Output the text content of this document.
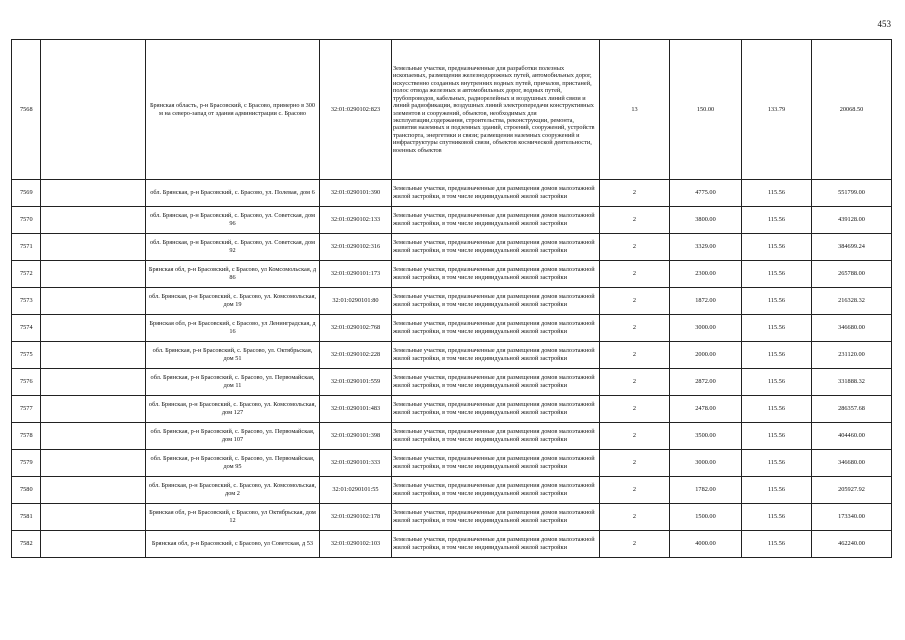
453
7568		Брянская область, р-н Брасовский, с Брасово, примерно в 300 м на северо-запад от здания администрации с. Брасово	32:01:0290102:823	Земельные участки, предназначенные для разработки полезных ископаемых, размещения железнодорожных путей, автомобильных дорог, искусственно созданных внутренних водных путей, причалов, пристаней, полос отвода железных и автомобильных дорог, водных путей, трубопроводов, кабельных, радиорелейных и воздушных линий связи и линий радиофикации, воздушных линий электропередачи конструктивных элементов и сооружений, объектов, необходимых для эксплуатации,содержания, строительства, реконструкции, ремонта, развития наземных и подземных зданий, строений, сооружений, устройств транспорта, энергетики и связи; размещения наземных сооружений и инфраструктуры спутниковой связи, объектов космической деятельности, военных объектов	13	150.00	133.79	20068.50
7569		обл. Брянская, р-н Брасовский, с. Брасово, ул. Полевая, дом 6	32:01:0290101:390	Земельные участки, предназначенные для размещения домов малоэтажной жилой застройки, в том числе индивидуальной жилой застройки	2	4775.00	115.56	551799.00
7570		обл. Брянская, р-н Брасовский, с. Брасово, ул. Советская, дом 96	32:01:0290102:133	Земельные участки, предназначенные для размещения домов малоэтажной жилой застройки, в том числе индивидуальной жилой застройки	2	3800.00	115.56	439128.00
7571		обл. Брянская, р-н Брасовский, с. Брасово, ул. Советская, дом 92	32:01:0290102:316	Земельные участки, предназначенные для размещения домов малоэтажной жилой застройки, в том числе индивидуальной жилой застройки	2	3329.00	115.56	384699.24
7572		Брянская обл, р-н Брасовский, с Брасово, ул Комсомольская, д 86	32:01:0290101:173	Земельные участки, предназначенные для размещения домов малоэтажной жилой застройки, в том числе индивидуальной жилой застройки	2	2300.00	115.56	265788.00
7573		обл. Брянская, р-н Брасовский, с. Брасово, ул. Комсомольская, дом 19	32:01:0290101:80	Земельные участки, предназначенные для размещения домов малоэтажной жилой застройки, в том числе индивидуальной жилой застройки	2	1872.00	115.56	216328.32
7574		Брянская обл, р-н Брасовский, с Брасово, ул Ленинградская, д 16	32:01:0290102:768	Земельные участки, предназначенные для размещения домов малоэтажной жилой застройки, в том числе индивидуальной жилой застройки	2	3000.00	115.56	346680.00
7575		обл. Брянская, р-н Брасовский, с. Брасово, ул. Октябрьская, дом 51	32:01:0290102:228	Земельные участки, предназначенные для размещения домов малоэтажной жилой застройки, в том числе индивидуальной жилой застройки	2	2000.00	115.56	231120.00
7576		обл. Брянская, р-н Брасовский, с. Брасово, ул. Первомайская, дом 11	32:01:0290101:559	Земельные участки, предназначенные для размещения домов малоэтажной жилой застройки, в том числе индивидуальной жилой застройки	2	2872.00	115.56	331888.32
7577		обл. Брянская, р-н Брасовский, с. Брасово, ул. Комсомольская, дом 127	32:01:0290101:483	Земельные участки, предназначенные для размещения домов малоэтажной жилой застройки, в том числе индивидуальной жилой застройки	2	2478.00	115.56	286357.68
7578		обл. Брянская, р-н Брасовский, с. Брасово, ул. Первомайская, дом 107	32:01:0290101:398	Земельные участки, предназначенные для размещения домов малоэтажной жилой застройки, в том числе индивидуальной жилой застройки	2	3500.00	115.56	404460.00
7579		обл. Брянская, р-н Брасовский, с. Брасово, ул. Первомайская, дом 95	32:01:0290101:333	Земельные участки, предназначенные для размещения домов малоэтажной жилой застройки, в том числе индивидуальной жилой застройки	2	3000.00	115.56	346680.00
7580		обл. Брянская, р-н Брасовский, с. Брасово, ул. Комсомольская, дом 2	32:01:0290101:55	Земельные участки, предназначенные для размещения домов малоэтажной жилой застройки, в том числе индивидуальной жилой застройки	2	1782.00	115.56	205927.92
7581		Брянская обл, р-н Брасовский, с Брасово, ул Октябрьская, дом 12	32:01:0290102:178	Земельные участки, предназначенные для размещения домов малоэтажной жилой застройки, в том числе индивидуальной жилой застройки	2	1500.00	115.56	173340.00
7582		Брянская обл, р-н Брасовский, с Брасово, ул Советская, д 53	32:01:0290102:103	Земельные участки, предназначенные для размещения домов малоэтажной жилой застройки, в том числе индивидуальной жилой застройки	2	4000.00	115.56	462240.00
